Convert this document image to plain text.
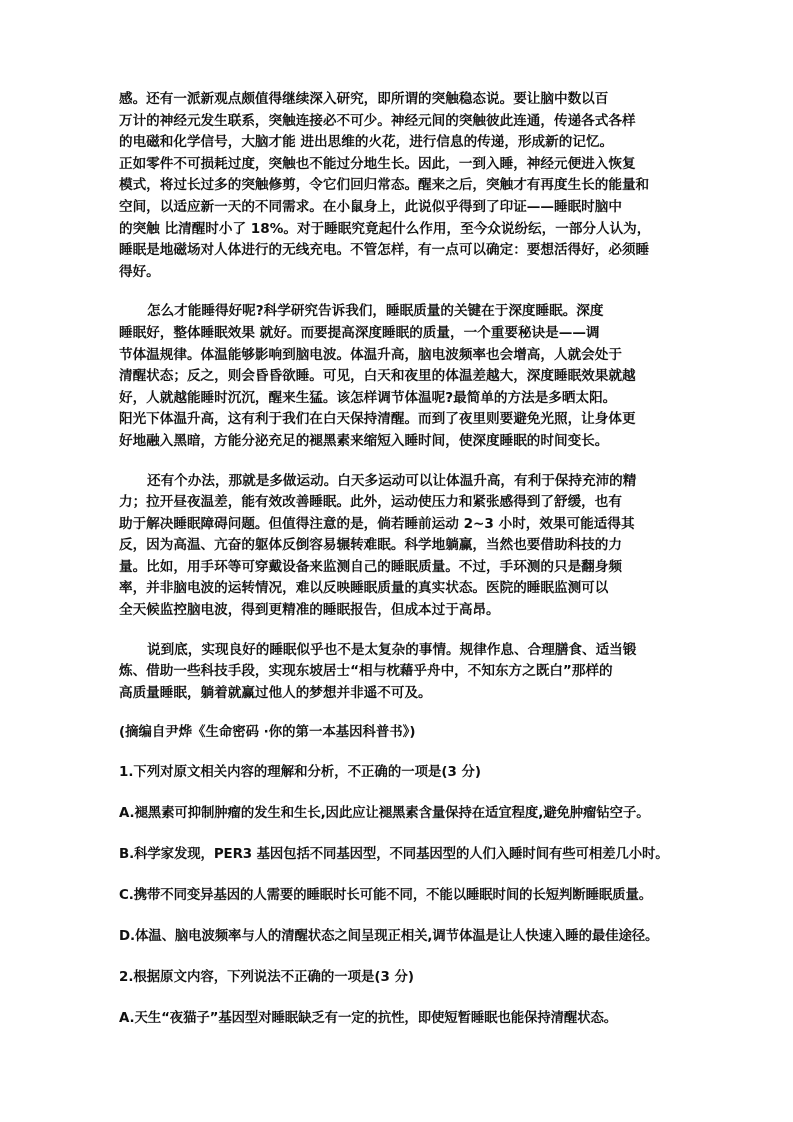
感。还有一派新观点颇值得继续深入研究，即所谓的突触稳态说。要让脑中数以百
万计的神经元发生联系，突触连接必不可少。神经元间的突触彼此连通，传递各式各样
的电磁和化学信号，大脑才能 进出思维的火花，进行信息的传递，形成新的记忆。
正如零件不可损耗过度，突触也不能过分地生长。因此，一到入睡，神经元便进入恢复
模式，将过长过多的突触修剪，令它们回归常态。醒来之后，突触才有再度生长的能量和
空间，以适应新一天的不同需求。在小鼠身上，此说似乎得到了印证——睡眠时脑中
的突触 比清醒时小了 18%。对于睡眠究竟起什么作用，至今众说纷纭，一部分人认为，
睡眠是地磁场对人体进行的无线充电。不管怎样，有一点可以确定：要想活得好，必须睡
得好。
怎么才能睡得好呢?科学研究告诉我们，睡眠质量的关键在于深度睡眠。深度
睡眠好，整体睡眠效果 就好。而要提高深度睡眠的质量，一个重要秘诀是——调
节体温规律。体温能够影响到脑电波。体温升高，脑电波频率也会增高，人就会处于
清醒状态；反之，则会昏昏欲睡。可见，白天和夜里的体温差越大，深度睡眠效果就越
好，人就越能睡时沉沉，醒来生猛。该怎样调节体温呢?最简单的方法是多晒太阳。
阳光下体温升高，这有利于我们在白天保持清醒。而到了夜里则要避免光照，让身体更
好地融入黑暗，方能分泌充足的褪黑素来缩短入睡时间，使深度睡眠的时间变长。
还有个办法，那就是多做运动。白天多运动可以让体温升高，有利于保持充沛的精
力；拉开昼夜温差，能有效改善睡眠。此外，运动使压力和紧张感得到了舒缓，也有
助于解决睡眠障碍问题。但值得注意的是，倘若睡前运动 2~3 小时，效果可能适得其
反，因为高温、亢奋的躯体反倒容易辗转难眠。科学地躺赢，当然也要借助科技的力
量。比如，用手环等可穿戴设备来监测自己的睡眠质量。不过，手环测的只是翻身频
率，并非脑电波的运转情况，难以反映睡眠质量的真实状态。医院的睡眠监测可以
全天候监控脑电波，得到更精准的睡眠报告，但成本过于高昂。
说到底，实现良好的睡眠似乎也不是太复杂的事情。规律作息、合理膳食、适当锻
炼、借助一些科技手段，实现东坡居士“相与枕藉乎舟中，不知东方之既白”那样的
高质量睡眠，躺着就赢过他人的梦想并非遥不可及。

(摘编自尹烨《生命密码 ·你的第一本基因科普书》)

1.下列对原文相关内容的理解和分析，不正确的一项是(3 分)

A.褪黑素可抑制肿瘤的发生和生长,因此应让褪黑素含量保持在适宜程度,避免肿瘤钻空子。

B.科学家发现，PER3 基因包括不同基因型，不同基因型的人们入睡时间有些可相差几小时。

C.携带不同变异基因的人需要的睡眠时长可能不同，不能以睡眠时间的长短判断睡眠质量。

D.体温、脑电波频率与人的清醒状态之间呈现正相关,调节体温是让人快速入睡的最佳途径。

2.根据原文内容，下列说法不正确的一项是(3 分)

A.天生“夜猫子”基因型对睡眠缺乏有一定的抗性，即使短暂睡眠也能保持清醒状态。
